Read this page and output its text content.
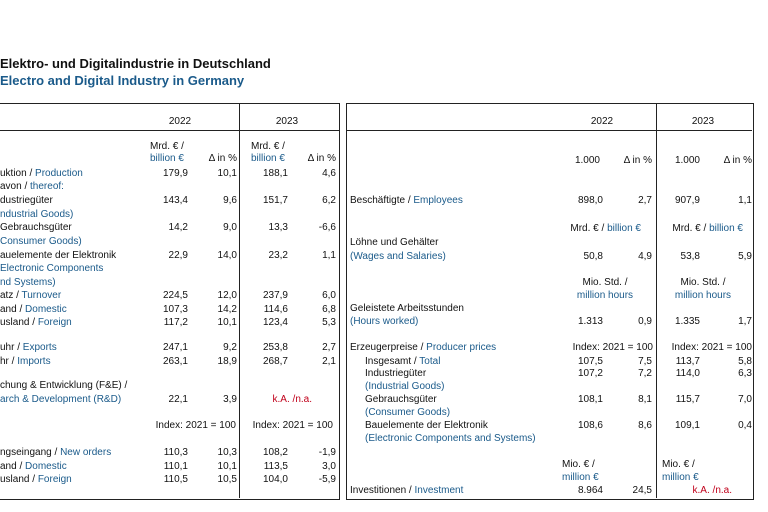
Elektro- und Digitalindustrie in Deutschland
Electro and Digital Industry in Germany
2022	2023
Mrd. € /
billion €	Δ in %
Mrd. € /
billion €	Δ in %
uktion / Production	179,9	10,1	188,1	4,6
avon / thereof:
dustriegüter	143,4	9,6	151,7	6,2
ndustrial Goods)
Gebrauchsgüter	14,2	9,0	13,3	-6,6
Consumer Goods)
auelemente der Elektronik	22,9	14,0	23,2	1,1
Electronic Components
nd Systems)
atz / Turnover	224,5	12,0	237,9	6,0
and / Domestic	107,3	14,2	114,6	6,8
usland / Foreign	117,2	10,1	123,4	5,3
uhr / Exports	247,1	9,2	253,8	2,7
hr / Imports	263,1	18,9	268,7	2,1
chung & Entwicklung (F&E) /
arch & Development (R&D)	22,1	3,9	k.A. /n.a.
Index: 2021 = 100	Index: 2021 = 100
ngseingang / New orders	110,3	10,3	108,2	-1,9
and / Domestic	110,1	10,1	113,5	3,0
usland / Foreign	110,5	10,5	104,0	-5,9
2022	2023
1.000	Δ in %	1.000	Δ in %
Beschäftigte / Employees	898,0	2,7	907,9	1,1
Löhne und Gehälter
Mrd. € / billion €	Mrd. € / billion €
(Wages and Salaries)	50,8	4,9	53,8	5,9
Mio. Std. /	Mio. Std. /
million hours	million hours
Geleistete Arbeitsstunden
(Hours worked)	1.313	0,9	1.335	1,7
Erzeugerpreise / Producer prices	Index: 2021 = 100	Index: 2021 = 100
Insgesamt / Total	107,5	7,5	113,7	5,8
Industriegüter	107,2	7,2	114,0	6,3
(Industrial Goods)
Gebrauchsgüter	108,1	8,1	115,7	7,0
(Consumer Goods)
Bauelemente der Elektronik	108,6	8,6	109,1	0,4
(Electronic Components and Systems)
Mio. € /	Mio. € /
million €	million €
Investitionen / Investment	8.964	24,5	k.A. /n.a.
